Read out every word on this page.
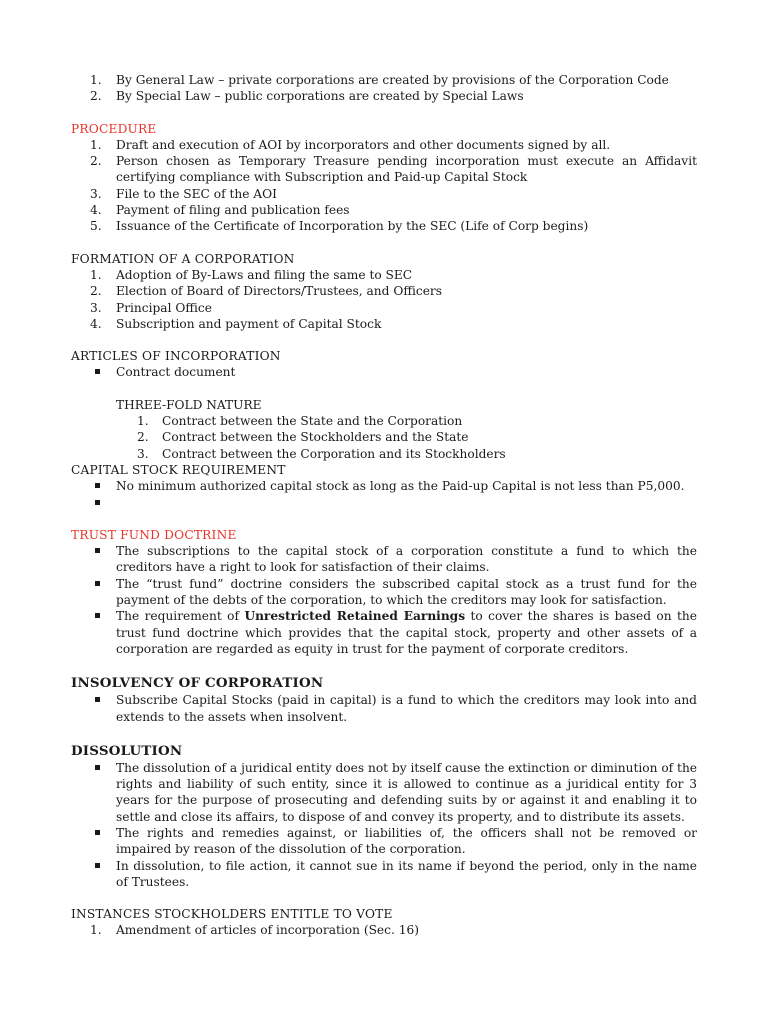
1. By General Law – private corporations are created by provisions of the Corporation Code
2. By Special Law – public corporations are created by Special Laws
PROCEDURE
1. Draft and execution of AOI by incorporators and other documents signed by all.
2. Person chosen as Temporary Treasure pending incorporation must execute an Affidavit certifying compliance with Subscription and Paid-up Capital Stock
3. File to the SEC of the AOI
4. Payment of filing and publication fees
5. Issuance of the Certificate of Incorporation by the SEC (Life of Corp begins)
FORMATION OF A CORPORATION
1. Adoption of By-Laws and filing the same to SEC
2. Election of Board of Directors/Trustees, and Officers
3. Principal Office
4. Subscription and payment of Capital Stock
ARTICLES OF INCORPORATION
Contract document
THREE-FOLD NATURE
1. Contract between the State and the Corporation
2. Contract between the Stockholders and the State
3. Contract between the Corporation and its Stockholders
CAPITAL STOCK REQUIREMENT
No minimum authorized capital stock as long as the Paid-up Capital is not less than P5,000.
TRUST FUND DOCTRINE
The subscriptions to the capital stock of a corporation constitute a fund to which the creditors have a right to look for satisfaction of their claims.
The “trust fund” doctrine considers the subscribed capital stock as a trust fund for the payment of the debts of the corporation, to which the creditors may look for satisfaction.
The requirement of Unrestricted Retained Earnings to cover the shares is based on the trust fund doctrine which provides that the capital stock, property and other assets of a corporation are regarded as equity in trust for the payment of corporate creditors.
INSOLVENCY OF CORPORATION
Subscribe Capital Stocks (paid in capital) is a fund to which the creditors may look into and extends to the assets when insolvent.
DISSOLUTION
The dissolution of a juridical entity does not by itself cause the extinction or diminution of the rights and liability of such entity, since it is allowed to continue as a juridical entity for 3 years for the purpose of prosecuting and defending suits by or against it and enabling it to settle and close its affairs, to dispose of and convey its property, and to distribute its assets.
The rights and remedies against, or liabilities of, the officers shall not be removed or impaired by reason of the dissolution of the corporation.
In dissolution, to file action, it cannot sue in its name if beyond the period, only in the name of Trustees.
INSTANCES STOCKHOLDERS ENTITLE TO VOTE
1. Amendment of articles of incorporation (Sec. 16)
